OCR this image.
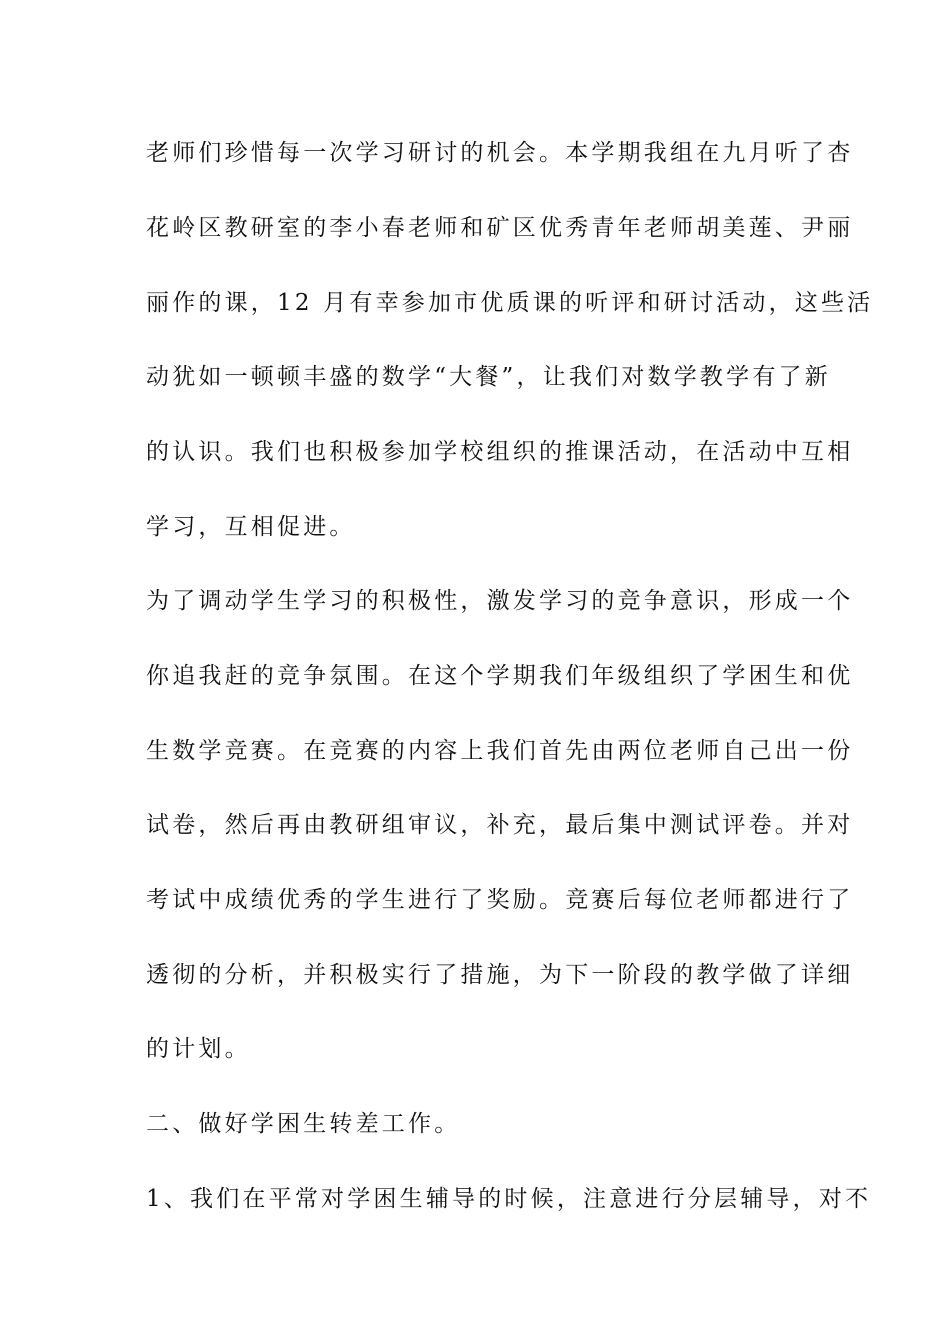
老师们珍惜每一次学习研讨的机会。本学期我组在九月听了杏
花岭区教研室的李小春老师和矿区优秀青年老师胡美莲、尹丽
丽作的课，12 月有幸参加市优质课的听评和研讨活动，这些活
动犹如一顿顿丰盛的数学“大餐”，让我们对数学教学有了新
的认识。我们也积极参加学校组织的推课活动，在活动中互相
学习，互相促进。
为了调动学生学习的积极性，激发学习的竞争意识，形成一个
你追我赶的竞争氛围。在这个学期我们年级组织了学困生和优
生数学竞赛。在竞赛的内容上我们首先由两位老师自己出一份
试卷，然后再由教研组审议，补充，最后集中测试评卷。并对
考试中成绩优秀的学生进行了奖励。竞赛后每位老师都进行了
透彻的分析，并积极实行了措施，为下一阶段的教学做了详细
的计划。
二、做好学困生转差工作。
1、我们在平常对学困生辅导的时候，注意进行分层辅导，对不
